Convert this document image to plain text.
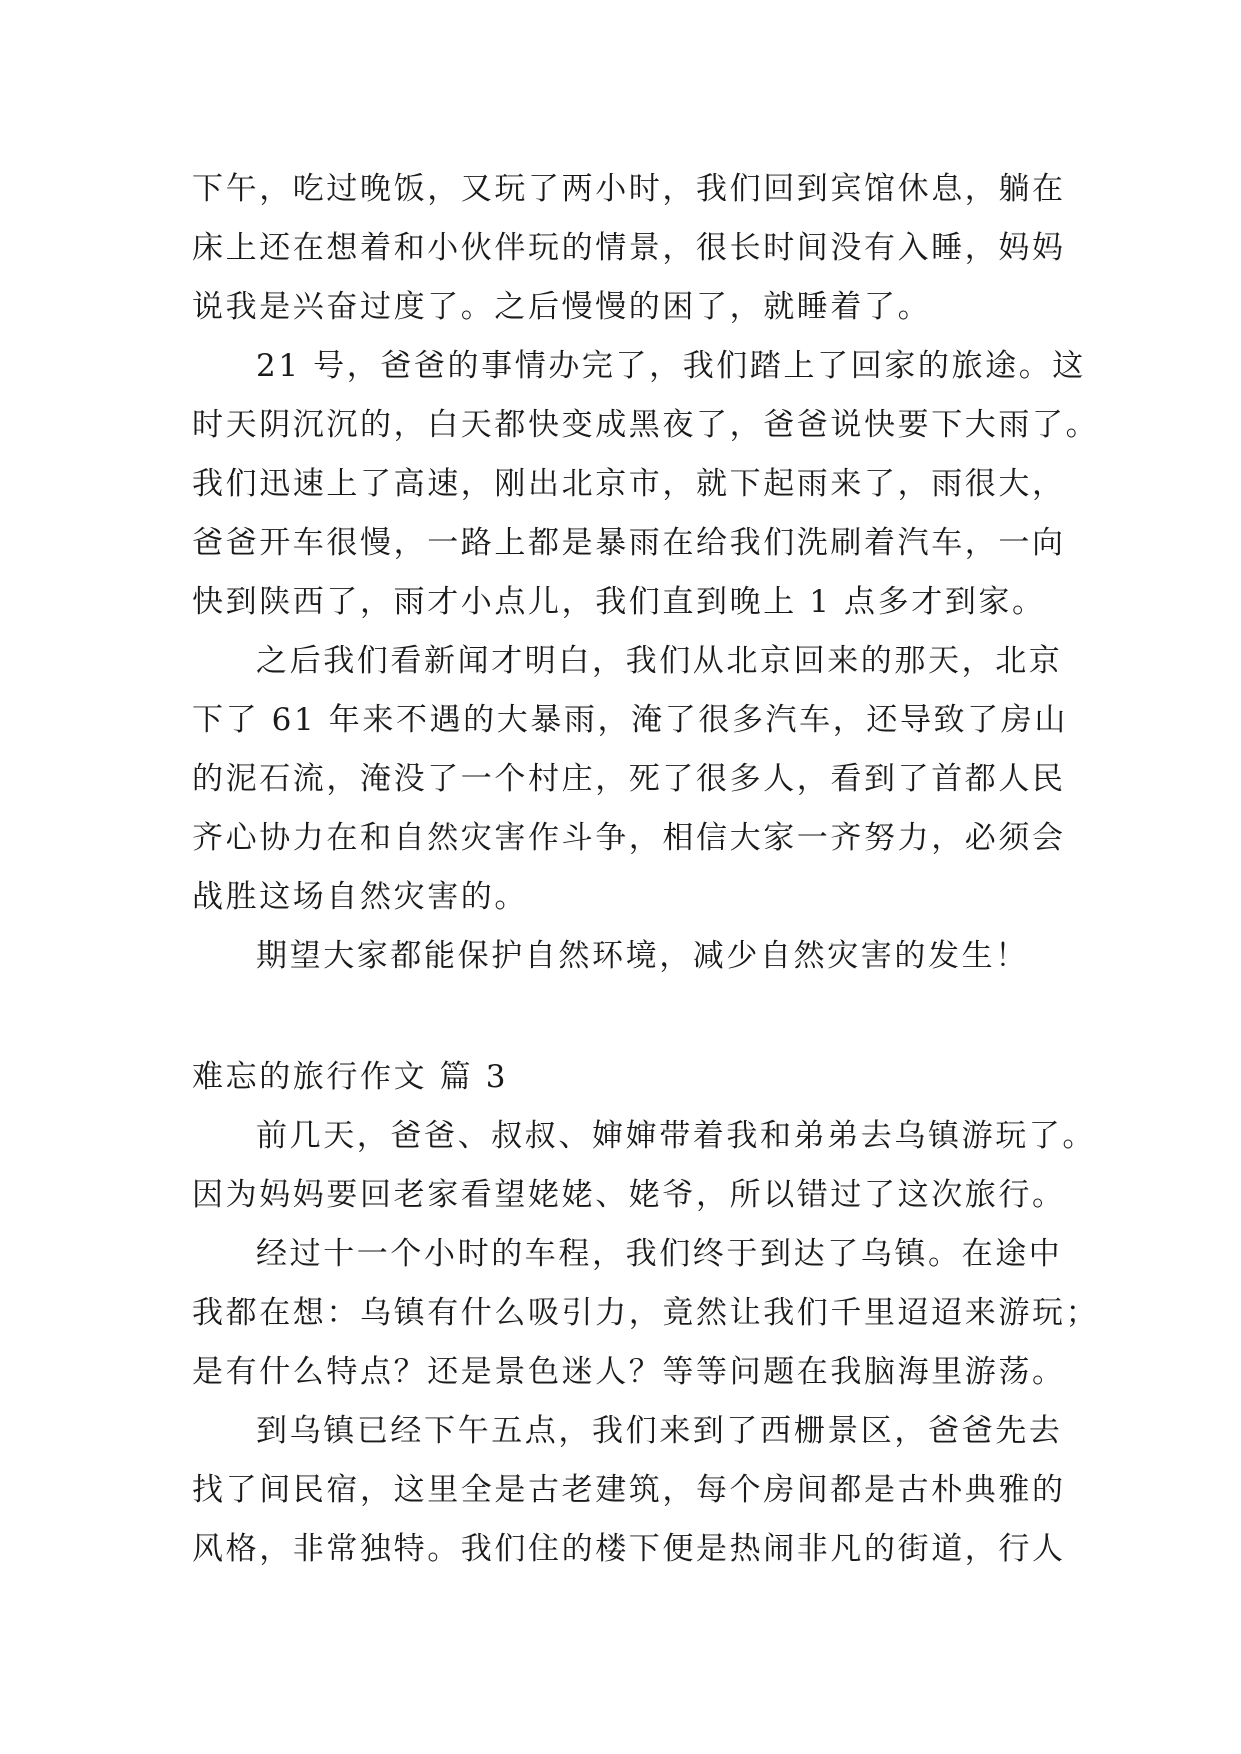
下午，吃过晚饭，又玩了两小时，我们回到宾馆休息，躺在
床上还在想着和小伙伴玩的情景，很长时间没有入睡，妈妈
说我是兴奋过度了。之后慢慢的困了，就睡着了。
21 号，爸爸的事情办完了，我们踏上了回家的旅途。这
时天阴沉沉的，白天都快变成黑夜了，爸爸说快要下大雨了。
我们迅速上了高速，刚出北京市，就下起雨来了，雨很大，
爸爸开车很慢，一路上都是暴雨在给我们洗刷着汽车，一向
快到陕西了，雨才小点儿，我们直到晚上 1 点多才到家。
之后我们看新闻才明白，我们从北京回来的那天，北京
下了 61 年来不遇的大暴雨，淹了很多汽车，还导致了房山
的泥石流，淹没了一个村庄，死了很多人，看到了首都人民
齐心协力在和自然灾害作斗争，相信大家一齐努力，必须会
战胜这场自然灾害的。
期望大家都能保护自然环境，减少自然灾害的发生！
难忘的旅行作文 篇 3
前几天，爸爸、叔叔、婶婶带着我和弟弟去乌镇游玩了。
因为妈妈要回老家看望姥姥、姥爷，所以错过了这次旅行。
经过十一个小时的车程，我们终于到达了乌镇。在途中
我都在想：乌镇有什么吸引力，竟然让我们千里迢迢来游玩；
是有什么特点？还是景色迷人？等等问题在我脑海里游荡。
到乌镇已经下午五点，我们来到了西栅景区，爸爸先去
找了间民宿，这里全是古老建筑，每个房间都是古朴典雅的
风格，非常独特。我们住的楼下便是热闹非凡的街道，行人
